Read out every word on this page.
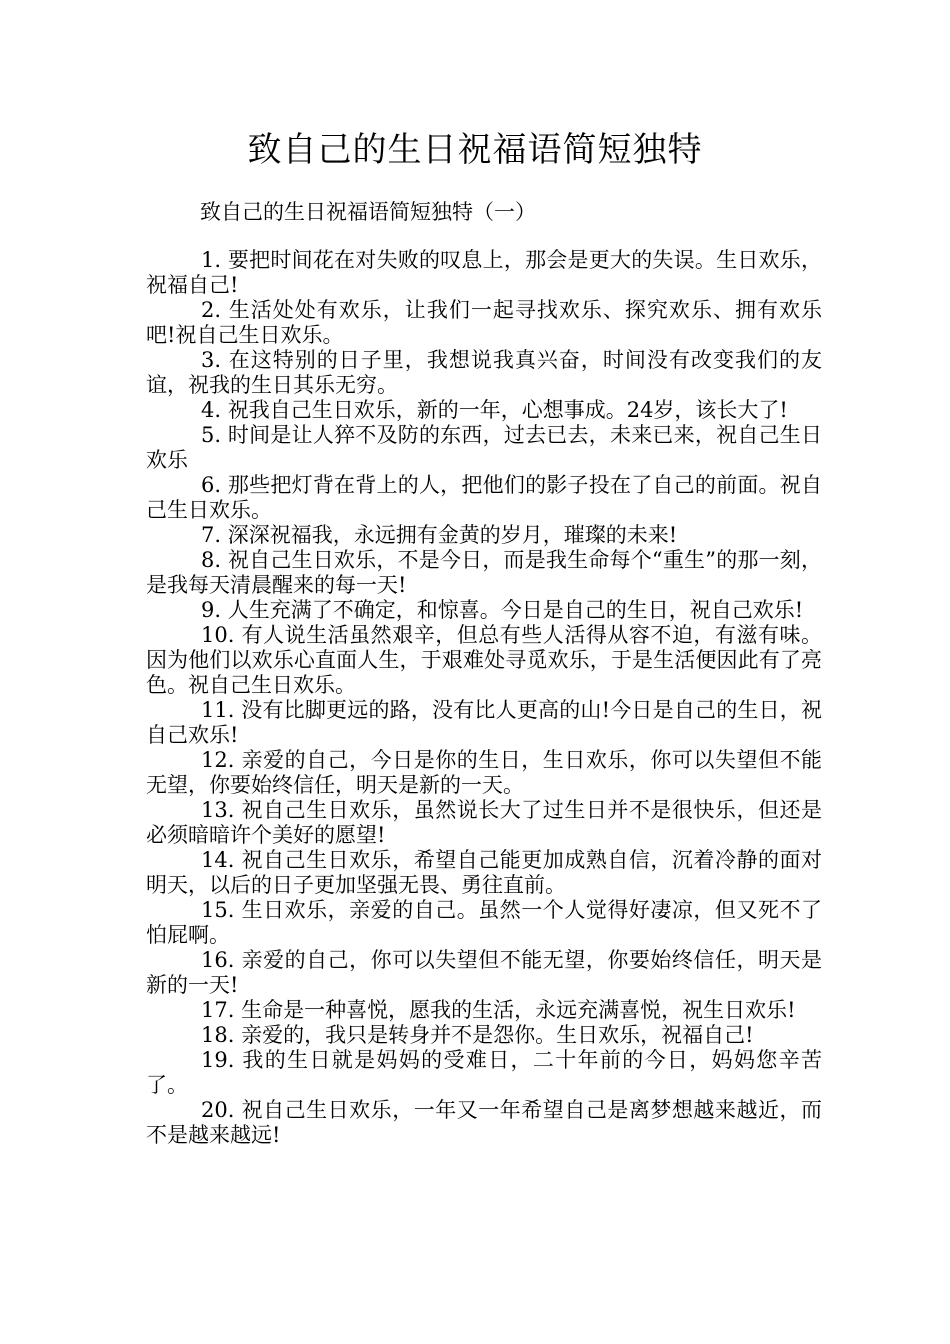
致自己的生日祝福语简短独特

致自己的生日祝福语简短独特（一）

1. 要把时间花在对失败的叹息上，那会是更大的失误。生日欢乐，祝福自己!
2. 生活处处有欢乐，让我们一起寻找欢乐、探究欢乐、拥有欢乐吧!祝自己生日欢乐。
3. 在这特别的日子里，我想说我真兴奋，时间没有改变我们的友谊，祝我的生日其乐无穷。
4. 祝我自己生日欢乐，新的一年，心想事成。24岁，该长大了!
5. 时间是让人猝不及防的东西，过去已去，未来已来，祝自己生日欢乐
6. 那些把灯背在背上的人，把他们的影子投在了自己的前面。祝自己生日欢乐。
7. 深深祝福我，永远拥有金黄的岁月，璀璨的未来!
8. 祝自己生日欢乐，不是今日，而是我生命每个“重生”的那一刻，是我每天清晨醒来的每一天!
9. 人生充满了不确定，和惊喜。今日是自己的生日，祝自己欢乐!
10. 有人说生活虽然艰辛，但总有些人活得从容不迫，有滋有味。因为他们以欢乐心直面人生，于艰难处寻觅欢乐，于是生活便因此有了亮色。祝自己生日欢乐。
11. 没有比脚更远的路，没有比人更高的山!今日是自己的生日，祝自己欢乐!
12. 亲爱的自己，今日是你的生日，生日欢乐，你可以失望但不能无望，你要始终信任，明天是新的一天。
13. 祝自己生日欢乐，虽然说长大了过生日并不是很快乐，但还是必须暗暗许个美好的愿望!
14. 祝自己生日欢乐，希望自己能更加成熟自信，沉着冷静的面对明天，以后的日子更加坚强无畏、勇往直前。
15. 生日欢乐，亲爱的自己。虽然一个人觉得好凄凉，但又死不了怕屁啊。
16. 亲爱的自己，你可以失望但不能无望，你要始终信任，明天是新的一天!
17. 生命是一种喜悦，愿我的生活，永远充满喜悦，祝生日欢乐!
18. 亲爱的，我只是转身并不是怨你。生日欢乐，祝福自己!
19. 我的生日就是妈妈的受难日，二十年前的今日，妈妈您辛苦了。
20. 祝自己生日欢乐，一年又一年希望自己是离梦想越来越近，而不是越来越远!
